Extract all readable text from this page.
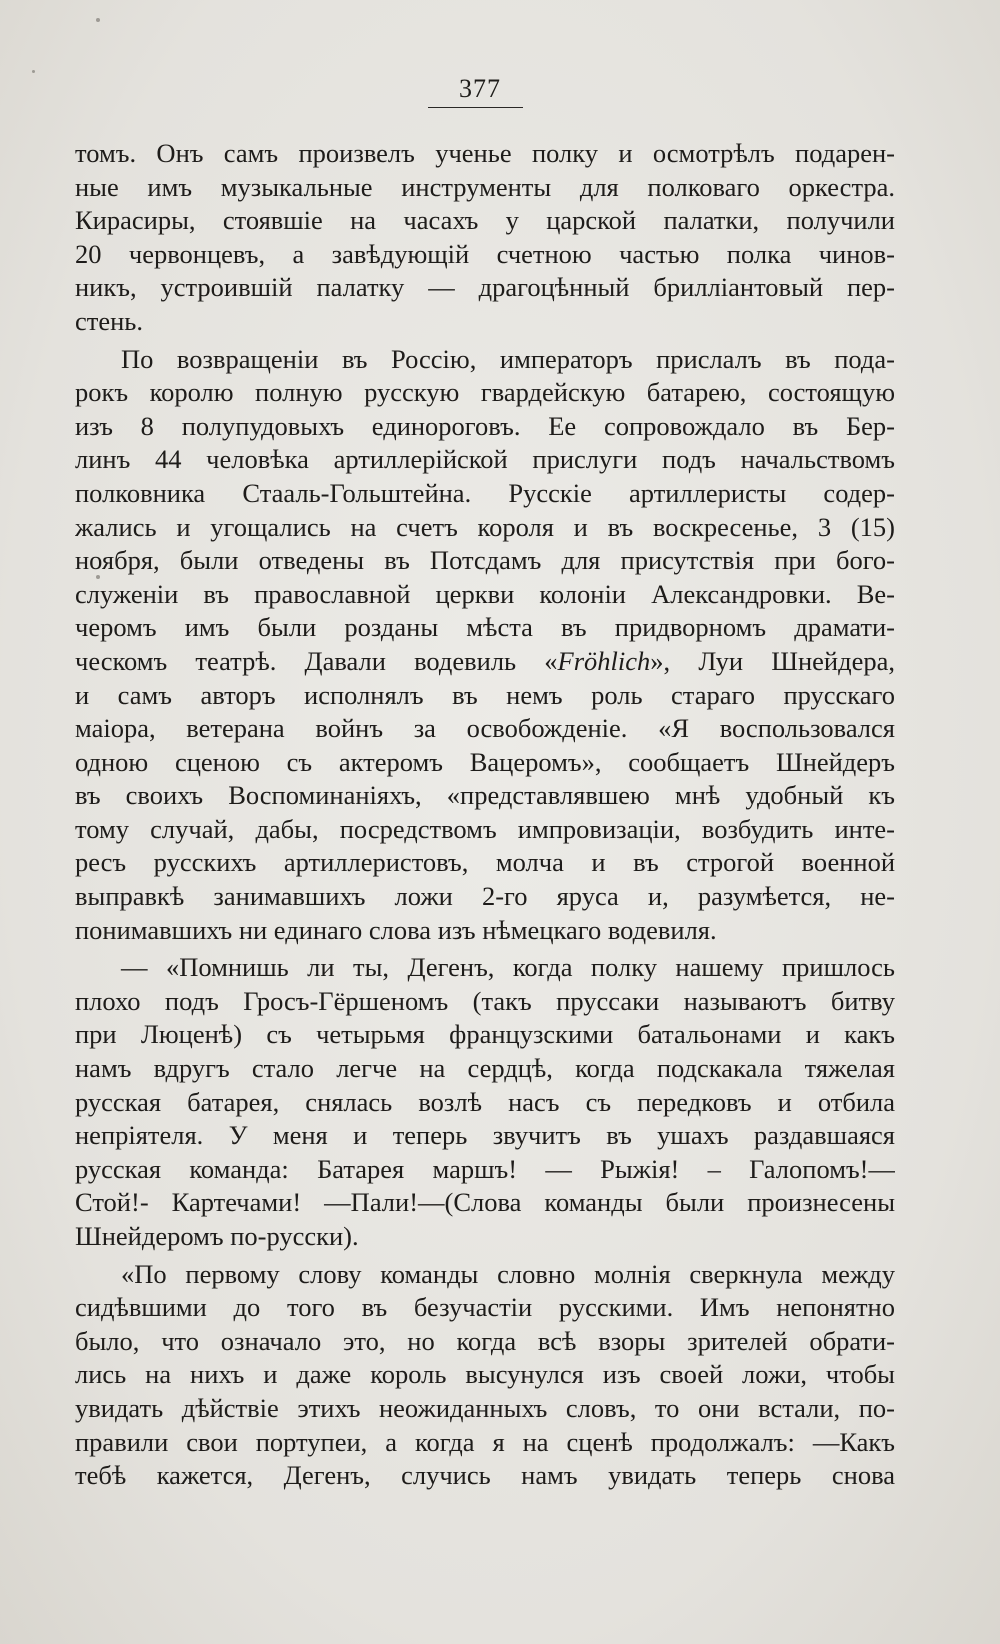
377
томъ. Онъ самъ произвелъ ученье полку и осмотрѣлъ подарен-
ные имъ музыкальные инструменты для полковаго оркестра.
Кирасиры, стоявшіе на часахъ у царской палатки, получили
20 червонцевъ, а завѣдующій счетною частью полка чинов-
никъ, устроившій палатку — драгоцѣнный брилліантовый пер-
стень.
По возвращеніи въ Россію, императоръ прислалъ въ пода-
рокъ королю полную русскую гвардейскую батарею, состоящую
изъ 8 полупудовыхъ единороговъ. Ее сопровождало въ Бер-
линъ 44 человѣка артиллерійской прислуги подъ начальствомъ
полковника Стааль-Гольштейна. Русскіе артиллеристы содер-
жались и угощались на счетъ короля и въ воскресенье, 3 (15)
ноября, были отведены въ Потсдамъ для присутствія при бого-
служеніи въ православной церкви колоніи Александровки. Ве-
черомъ имъ были розданы мѣста въ придворномъ драмати-
ческомъ театрѣ. Давали водевиль «Fröhlich», Луи Шнейдера,
и самъ авторъ исполнялъ въ немъ роль стараго прусскаго
маіора, ветерана войнъ за освобожденіе. «Я воспользовался
одною сценою съ актеромъ Вацеромъ», сообщаетъ Шнейдеръ
въ своихъ Воспоминаніяхъ, «представлявшею мнѣ удобный къ
тому случай, дабы, посредствомъ импровизаціи, возбудить инте-
ресъ русскихъ артиллеристовъ, молча и въ строгой военной
выправкѣ занимавшихъ ложи 2-го яруса и, разумѣется, не-
понимавшихъ ни единаго слова изъ нѣмецкаго водевиля.
— «Помнишь ли ты, Дегенъ, когда полку нашему пришлось
плохо подъ Гросъ-Гёршеномъ (такъ пруссаки называютъ битву
при Люценѣ) съ четырьмя французскими батальонами и какъ
намъ вдругъ стало легче на сердцѣ, когда подскакала тяжелая
русская батарея, снялась возлѣ насъ съ передковъ и отбила
непріятеля. У меня и теперь звучитъ въ ушахъ раздавшаяся
русская команда: Батарея маршъ! — Рыжія! – Галопомъ!—
Стой!- Картечами! —Пали!—(Слова команды были произнесены
Шнейдеромъ по-русски).
«По первому слову команды словно молнія сверкнула между
сидѣвшими до того въ безучастіи русскими. Имъ непонятно
было, что означало это, но когда всѣ взоры зрителей обрати-
лись на нихъ и даже король высунулся изъ своей ложи, чтобы
увидать дѣйствіе этихъ неожиданныхъ словъ, то они встали, по-
правили свои портупеи, а когда я на сценѣ продолжалъ: —Какъ
тебѣ кажется, Дегенъ, случись намъ увидать теперь снова
